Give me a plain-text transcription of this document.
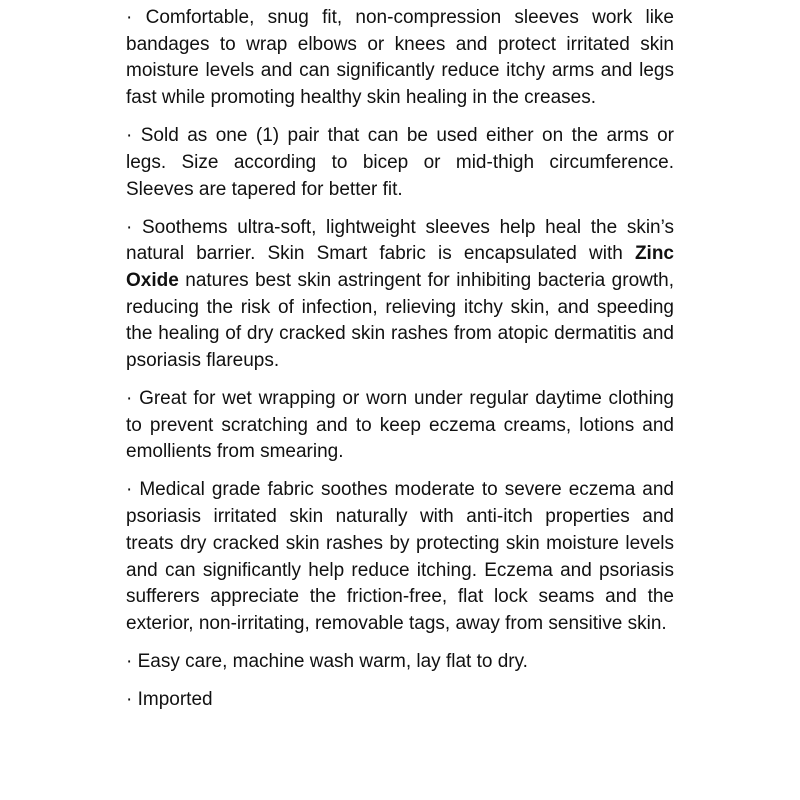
· Comfortable, snug fit, non-compression sleeves work like bandages to wrap elbows or knees and protect irritated skin moisture levels and can significantly reduce itchy arms and legs fast while promoting healthy skin healing in the creases.

· Sold as one (1) pair that can be used either on the arms or legs. Size according to bicep or mid-thigh circumference. Sleeves are tapered for better fit.

· Soothems ultra-soft, lightweight sleeves help heal the skin’s natural barrier. Skin Smart fabric is encapsulated with Zinc Oxide natures best skin astringent for inhibiting bacteria growth, reducing the risk of infection, relieving itchy skin, and speeding the healing of dry cracked skin rashes from atopic dermatitis and psoriasis flareups.

· Great for wet wrapping or worn under regular daytime clothing to prevent scratching and to keep eczema creams, lotions and emollients from smearing.

· Medical grade fabric soothes moderate to severe eczema and psoriasis irritated skin naturally with anti-itch properties and treats dry cracked skin rashes by protecting skin moisture levels and can significantly help reduce itching. Eczema and psoriasis sufferers appreciate the friction-free, flat lock seams and the exterior, non-irritating, removable tags, away from sensitive skin.

· Easy care, machine wash warm, lay flat to dry.

· Imported
